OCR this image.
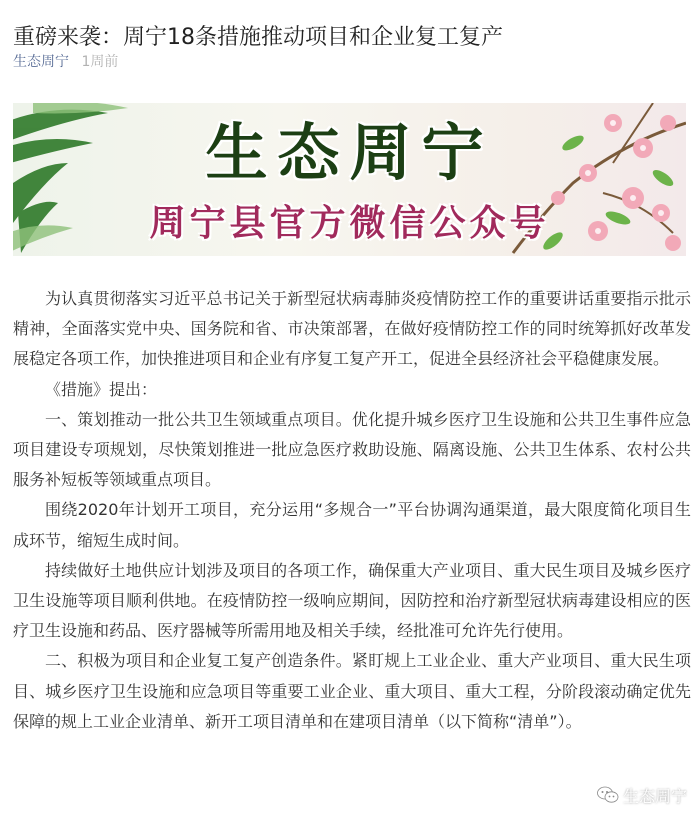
重磅来袭：周宁18条措施推动项目和企业复工复产
生态周宁 1周前
生态周宁
周宁县官方微信公众号

为认真贯彻落实习近平总书记关于新型冠状病毒肺炎疫情防控工作的重要讲话重要指示批示精神，全面落实党中央、国务院和省、市决策部署，在做好疫情防控工作的同时统筹抓好改革发展稳定各项工作，加快推进项目和企业有序复工复产开工，促进全县经济社会平稳健康发展。

《措施》提出：

一、策划推动一批公共卫生领域重点项目。优化提升城乡医疗卫生设施和公共卫生事件应急项目建设专项规划，尽快策划推进一批应急医疗救助设施、隔离设施、公共卫生体系、农村公共服务补短板等领域重点项目。

围绕2020年计划开工项目，充分运用“多规合一”平台协调沟通渠道，最大限度简化项目生成环节，缩短生成时间。

持续做好土地供应计划涉及项目的各项工作，确保重大产业项目、重大民生项目及城乡医疗卫生设施等项目顺利供地。在疫情防控一级响应期间，因防控和治疗新型冠状病毒建设相应的医疗卫生设施和药品、医疗器械等所需用地及相关手续，经批准可允许先行使用。

二、积极为项目和企业复工复产创造条件。紧盯规上工业企业、重大产业项目、重大民生项目、城乡医疗卫生设施和应急项目等重要工业企业、重大项目、重大工程，分阶段滚动确定优先保障的规上工业企业清单、新开工项目清单和在建项目清单（以下简称“清单”）。

生态周宁
